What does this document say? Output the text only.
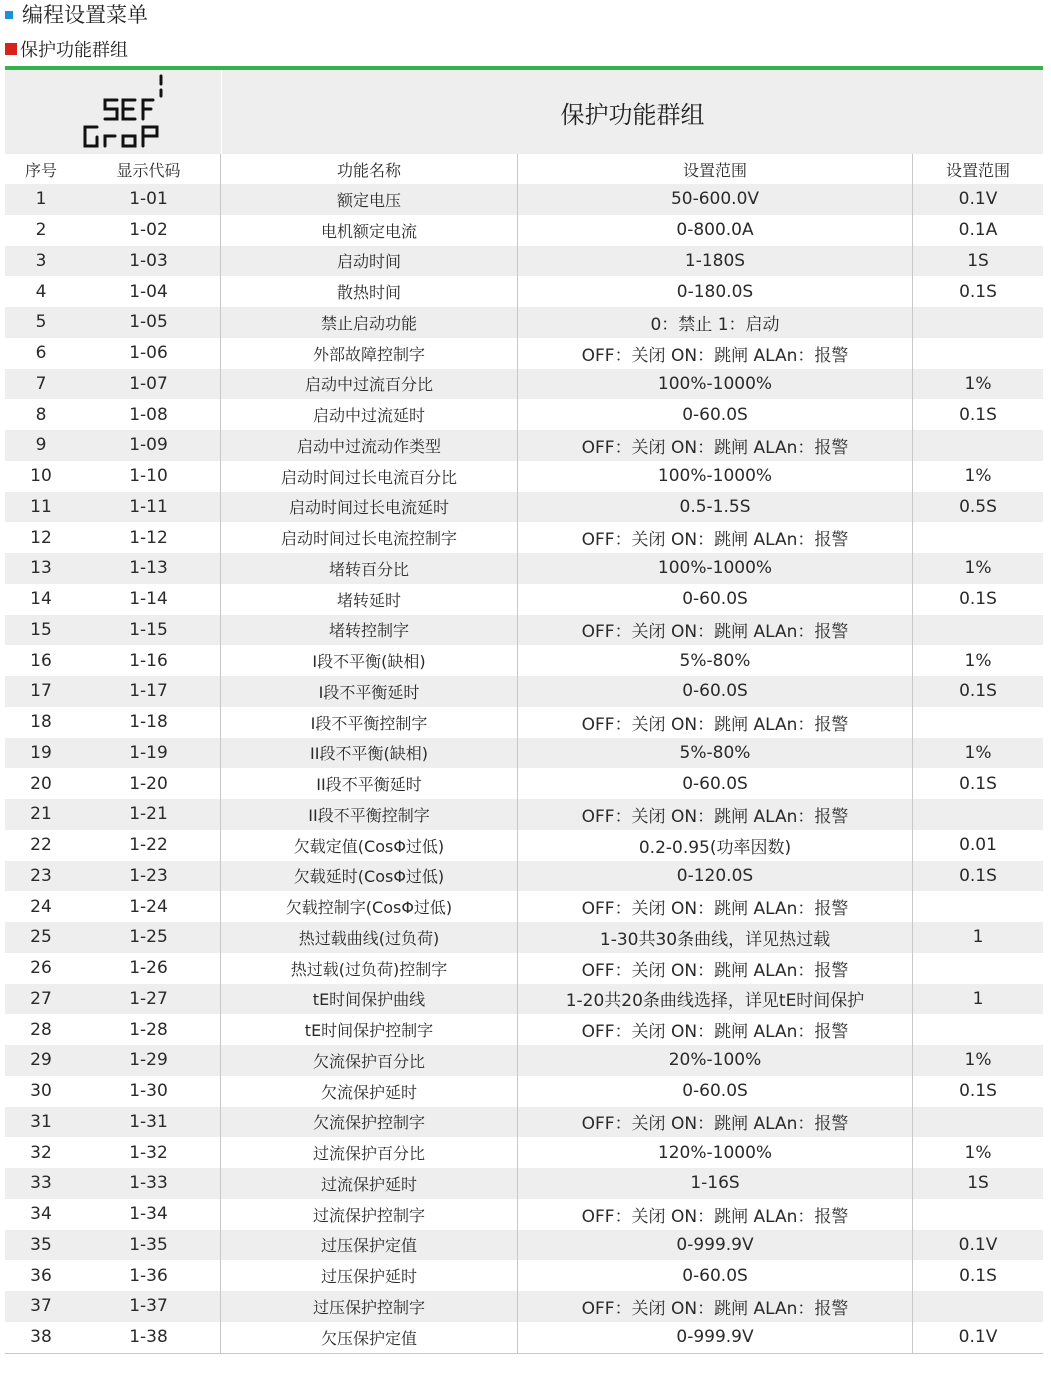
编程设置菜单
保护功能群组
保护功能群组
序号	显示代码	功能名称	设置范围	设置范围
1	1-01	额定电压	50-600.0V	0.1V
2	1-02	电机额定电流	0-800.0A	0.1A
3	1-03	启动时间	1-180S	1S
4	1-04	散热时间	0-180.0S	0.1S
5	1-05	禁止启动功能	0：禁止 1：启动
6	1-06	外部故障控制字	OFF：关闭 ON：跳闸 ALAn：报警
7	1-07	启动中过流百分比	100%-1000%	1%
8	1-08	启动中过流延时	0-60.0S	0.1S
9	1-09	启动中过流动作类型	OFF：关闭 ON：跳闸 ALAn：报警
10	1-10	启动时间过长电流百分比	100%-1000%	1%
11	1-11	启动时间过长电流延时	0.5-1.5S	0.5S
12	1-12	启动时间过长电流控制字	OFF：关闭 ON：跳闸 ALAn：报警
13	1-13	堵转百分比	100%-1000%	1%
14	1-14	堵转延时	0-60.0S	0.1S
15	1-15	堵转控制字	OFF：关闭 ON：跳闸 ALAn：报警
16	1-16	I段不平衡(缺相)	5%-80%	1%
17	1-17	I段不平衡延时	0-60.0S	0.1S
18	1-18	I段不平衡控制字	OFF：关闭 ON：跳闸 ALAn：报警
19	1-19	II段不平衡(缺相)	5%-80%	1%
20	1-20	II段不平衡延时	0-60.0S	0.1S
21	1-21	II段不平衡控制字	OFF：关闭 ON：跳闸 ALAn：报警
22	1-22	欠载定值(CosΦ过低)	0.2-0.95(功率因数)	0.01
23	1-23	欠载延时(CosΦ过低)	0-120.0S	0.1S
24	1-24	欠载控制字(CosΦ过低)	OFF：关闭 ON：跳闸 ALAn：报警
25	1-25	热过载曲线(过负荷)	1-30共30条曲线，详见热过载	1
26	1-26	热过载(过负荷)控制字	OFF：关闭 ON：跳闸 ALAn：报警
27	1-27	tE时间保护曲线	1-20共20条曲线选择，详见tE时间保护	1
28	1-28	tE时间保护控制字	OFF：关闭 ON：跳闸 ALAn：报警
29	1-29	欠流保护百分比	20%-100%	1%
30	1-30	欠流保护延时	0-60.0S	0.1S
31	1-31	欠流保护控制字	OFF：关闭 ON：跳闸 ALAn：报警
32	1-32	过流保护百分比	120%-1000%	1%
33	1-33	过流保护延时	1-16S	1S
34	1-34	过流保护控制字	OFF：关闭 ON：跳闸 ALAn：报警
35	1-35	过压保护定值	0-999.9V	0.1V
36	1-36	过压保护延时	0-60.0S	0.1S
37	1-37	过压保护控制字	OFF：关闭 ON：跳闸 ALAn：报警
38	1-38	欠压保护定值	0-999.9V	0.1V
